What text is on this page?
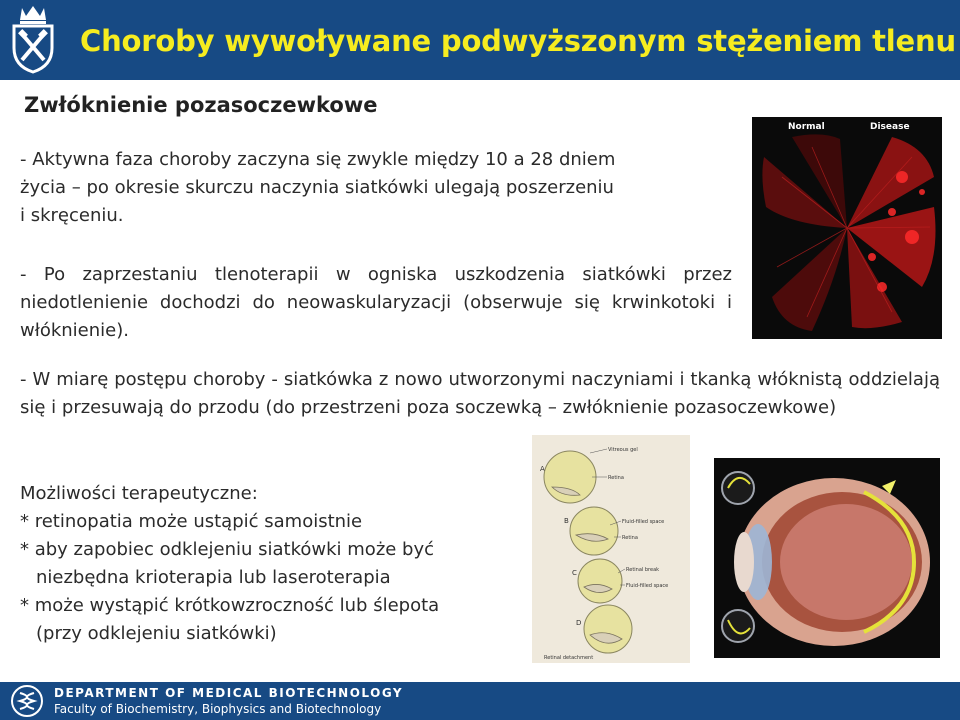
Choroby wywoływane podwyższonym stężeniem tlenu
Zwłóknienie pozasoczewkowe
- Aktywna faza choroby zaczyna się zwykle między 10 a 28 dniem
życia – po okresie skurczu naczynia siatkówki ulegają poszerzeniu
i skręceniu.
- Po zaprzestaniu tlenoterapii w ogniska uszkodzenia siatkówki przez niedotlenienie dochodzi do neowaskularyzacji (obserwuje się krwinkotoki i włóknienie).
- W miarę postępu choroby - siatkówka z nowo utworzonymi naczyniami i tkanką włóknistą oddzielają się i przesuwają do przodu (do przestrzeni poza soczewką – zwłóknienie pozasoczewkowe)
Możliwości terapeutyczne:
* retinopatia może ustąpić samoistnie
* aby zapobiec odklejeniu siatkówki może być
niezbędna krioterapia lub laseroterapia
* może wystąpić krótkowzroczność lub ślepota
(przy odklejeniu siatkówki)
Normal	Disease
A
B
C
D
Vitreous gel
Retina
Fluid-filled space
Retina
Retinal break
Fluid-filled space
Retinal detachment
DEPARTMENT OF MEDICAL BIOTECHNOLOGY
Faculty of Biochemistry, Biophysics and Biotechnology
